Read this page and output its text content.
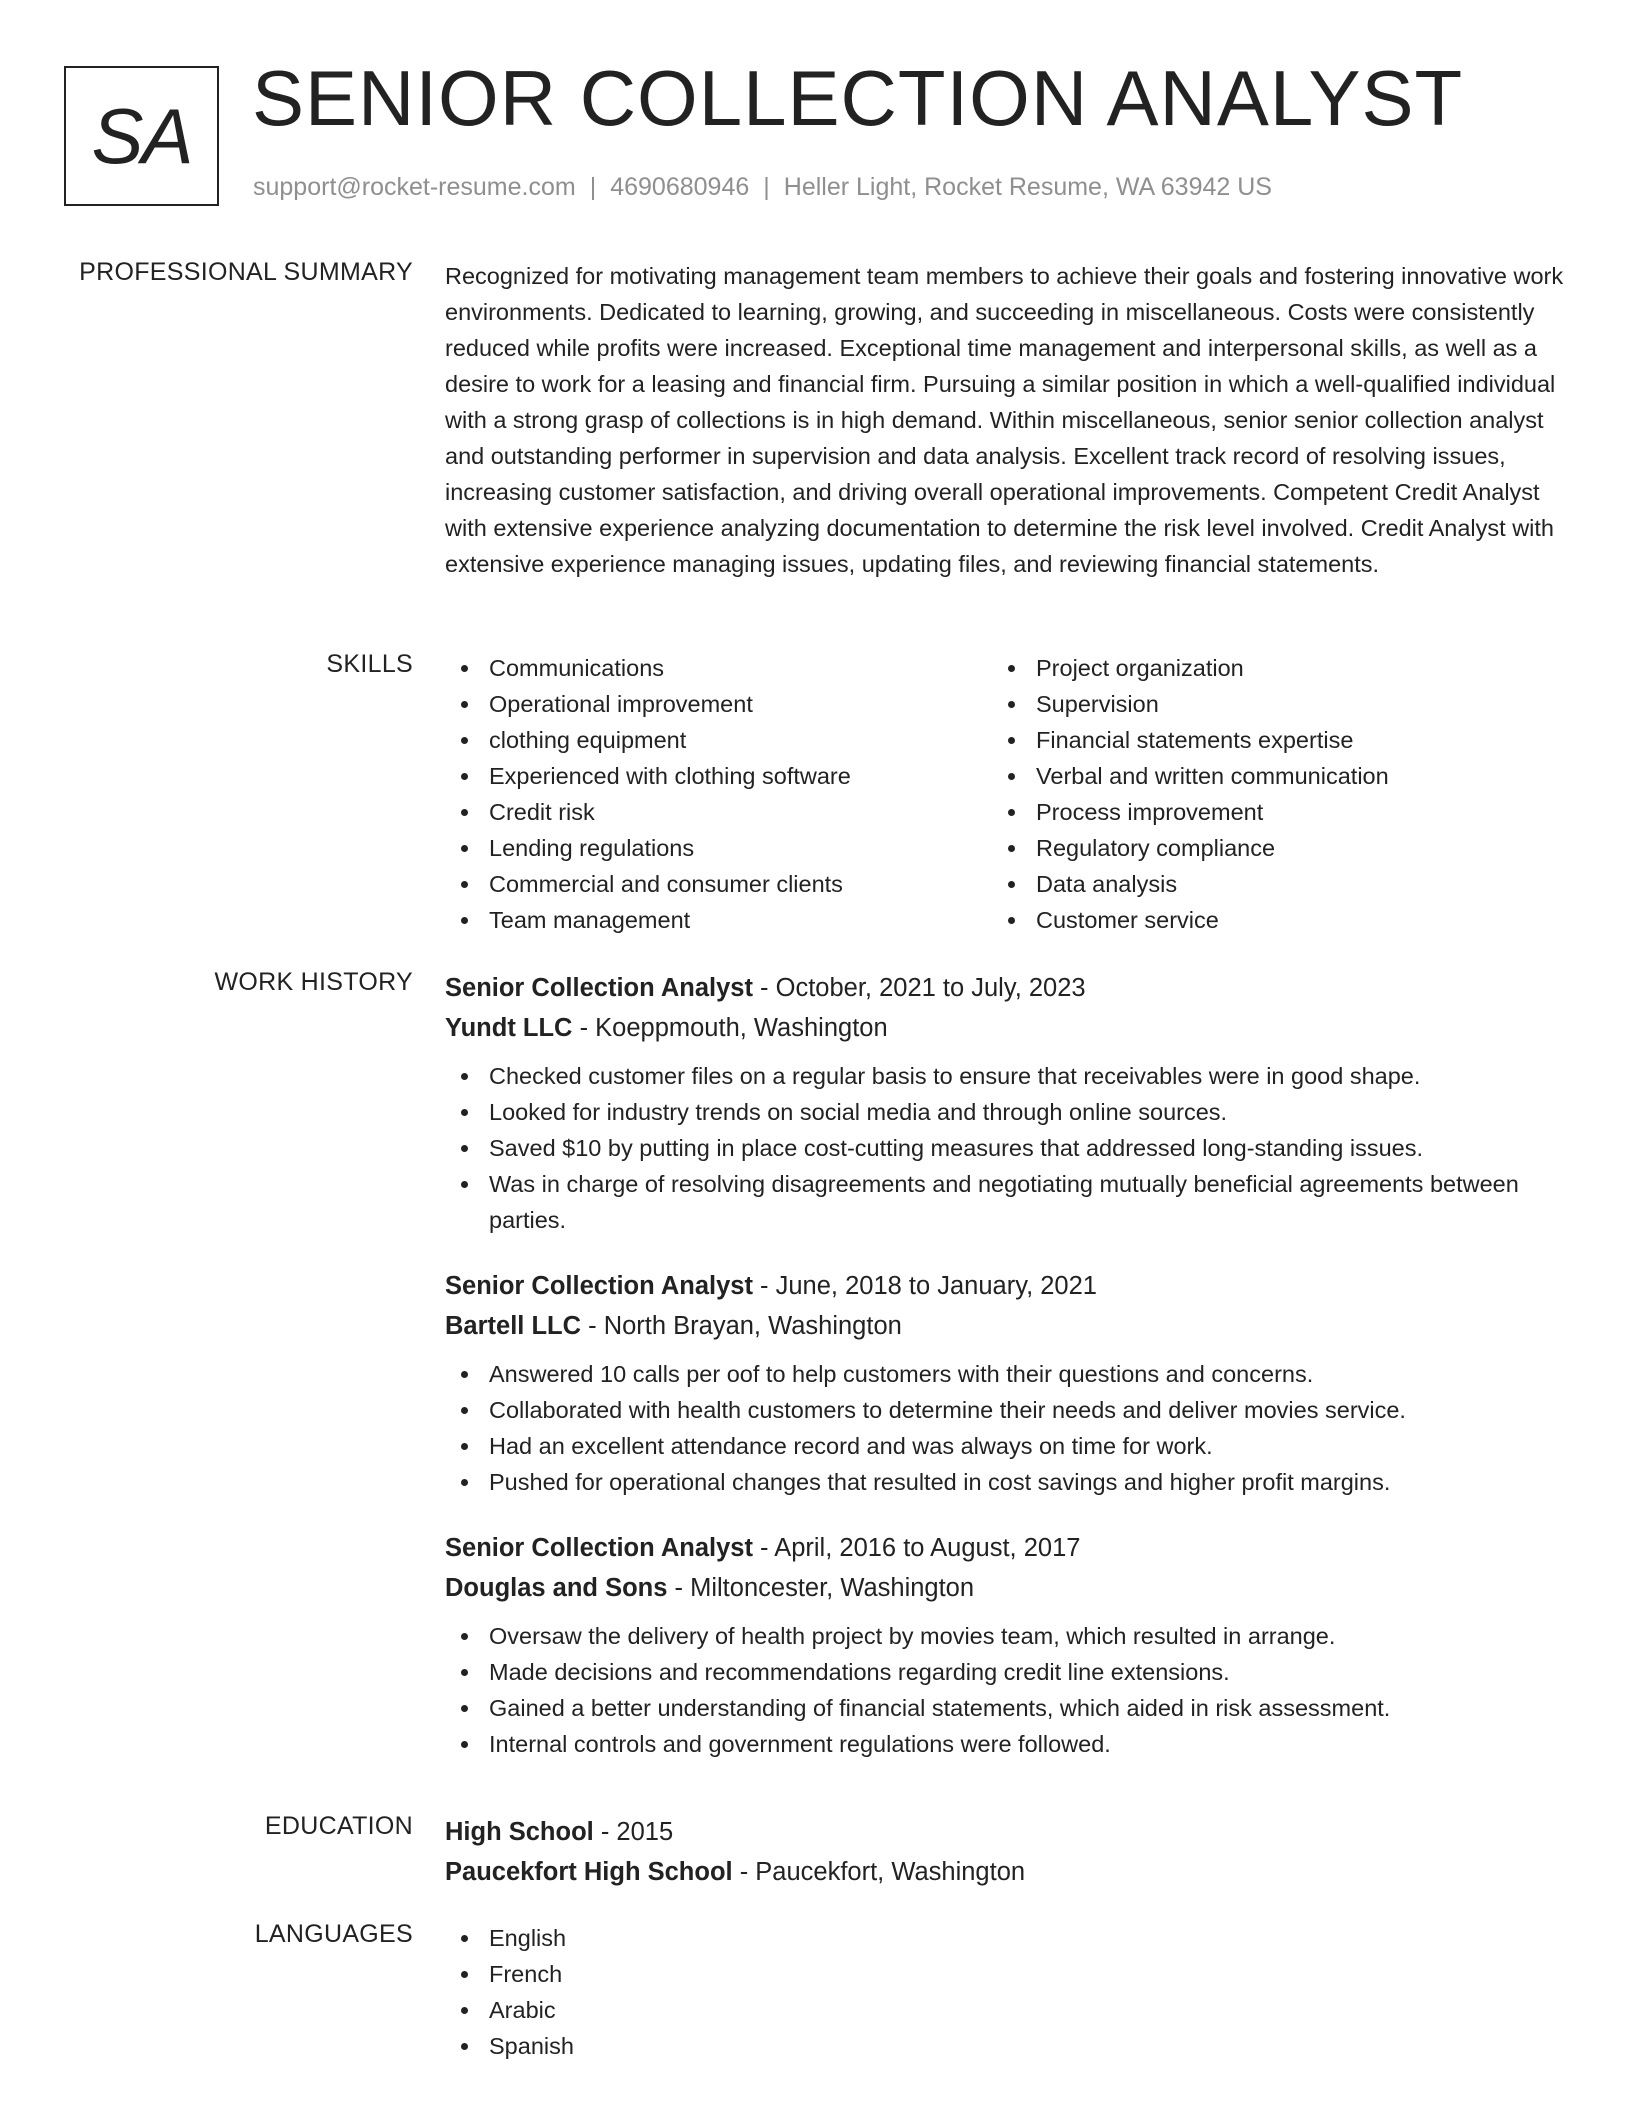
SA SENIOR COLLECTION ANALYST
support@rocket-resume.com | 4690680946 | Heller Light, Rocket Resume, WA 63942 US
PROFESSIONAL SUMMARY Recognized for motivating management team members to achieve their goals and fostering innovative work environments. Dedicated to learning, growing, and succeeding in miscellaneous. Costs were consistently reduced while profits were increased. Exceptional time management and interpersonal skills, as well as a desire to work for a leasing and financial firm. Pursuing a similar position in which a well-qualified individual with a strong grasp of collections is in high demand. Within miscellaneous, senior senior collection analyst and outstanding performer in supervision and data analysis. Excellent track record of resolving issues, increasing customer satisfaction, and driving overall operational improvements. Competent Credit Analyst with extensive experience analyzing documentation to determine the risk level involved. Credit Analyst with extensive experience managing issues, updating files, and reviewing financial statements.

SKILLS	Communications
Operational improvement
clothing equipment
Experienced with clothing software
Credit risk
Lending regulations
Commercial and consumer clients
Team management
Project organization
Supervision
Financial statements expertise
Verbal and written communication
Process improvement
Regulatory compliance
Data analysis
Customer service
WORK HISTORY Senior Collection Analyst - October, 2021 to July, 2023
Yundt LLC - Koeppmouth, Washington
Checked customer files on a regular basis to ensure that receivables were in good shape.
Looked for industry trends on social media and through online sources.
Saved $10 by putting in place cost-cutting measures that addressed long-standing issues.
Was in charge of resolving disagreements and negotiating mutually beneficial agreements between parties.
Senior Collection Analyst - June, 2018 to January, 2021
Bartell LLC - North Brayan, Washington
Answered 10 calls per oof to help customers with their questions and concerns.
Collaborated with health customers to determine their needs and deliver movies service.
Had an excellent attendance record and was always on time for work.
Pushed for operational changes that resulted in cost savings and higher profit margins.
Senior Collection Analyst - April, 2016 to August, 2017
Douglas and Sons - Miltoncester, Washington
Oversaw the delivery of health project by movies team, which resulted in arrange.
Made decisions and recommendations regarding credit line extensions.
Gained a better understanding of financial statements, which aided in risk assessment.
Internal controls and government regulations were followed.
EDUCATION High School - 2015
Paucekfort High School - Paucekfort, Washington
LANGUAGES	English
French
Arabic
Spanish
